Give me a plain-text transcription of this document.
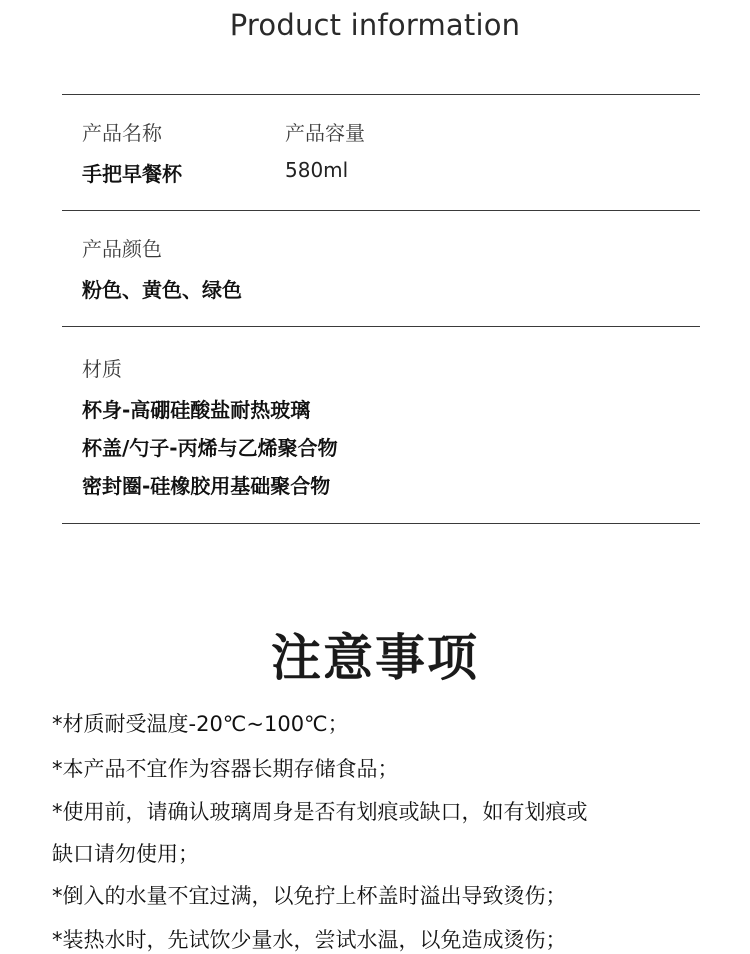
Product information
产品名称	产品容量
手把早餐杯	580ml
产品颜色
粉色、黄色、绿色
材质
杯身-高硼硅酸盐耐热玻璃
杯盖/勺子-丙烯与乙烯聚合物
密封圈-硅橡胶用基础聚合物
注意事项
*材质耐受温度-20℃~100℃；
*本产品不宜作为容器长期存储食品；
*使用前，请确认玻璃周身是否有划痕或缺口，如有划痕或
缺口请勿使用；
*倒入的水量不宜过满，以免拧上杯盖时溢出导致烫伤；
*装热水时，先试饮少量水，尝试水温，以免造成烫伤；
